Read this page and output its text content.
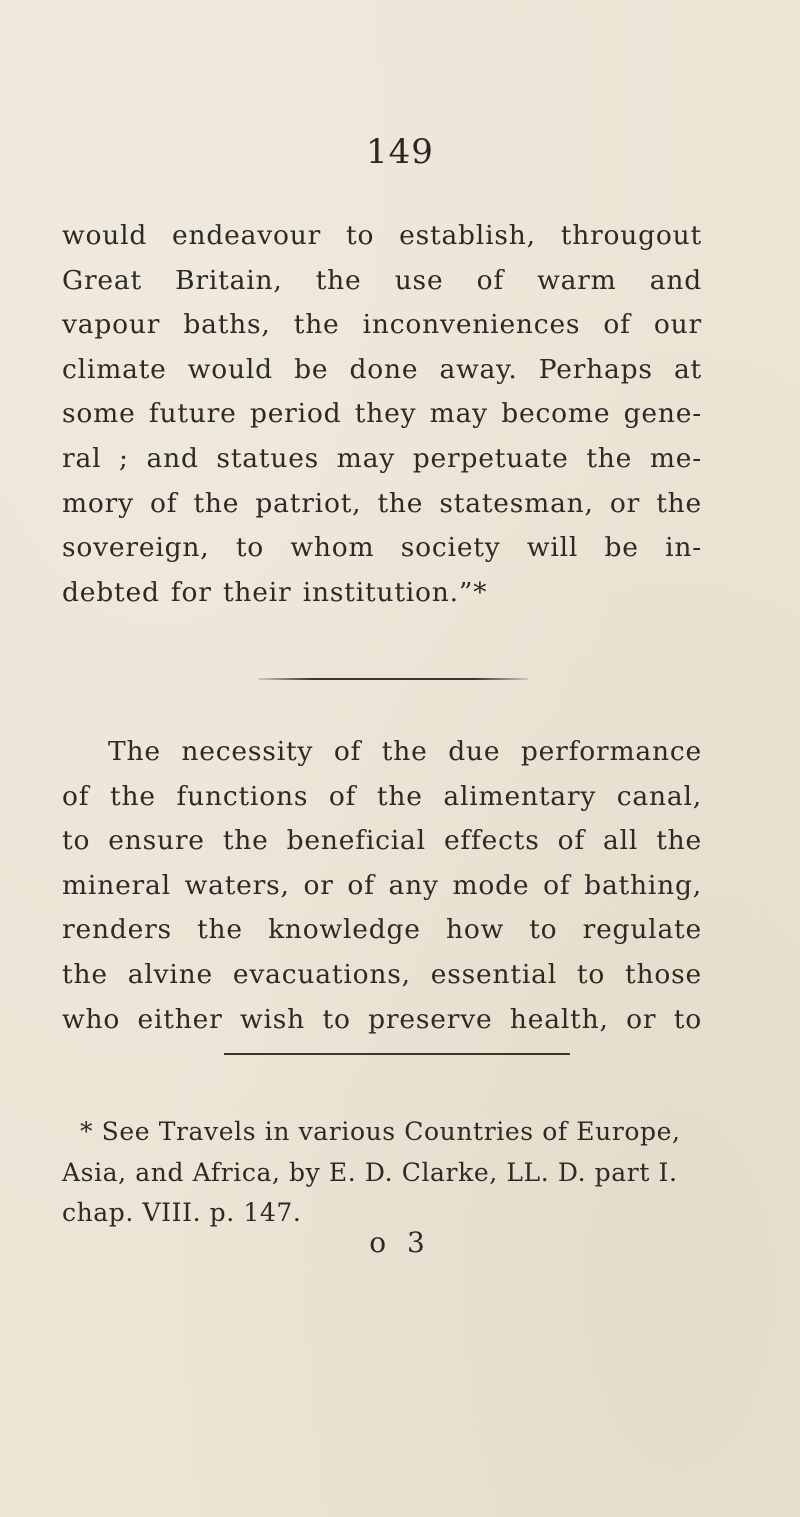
149
would endeavour to establish, througout
Great Britain, the use of warm and
vapour baths, the inconveniences of our
climate would be done away. Perhaps at
some future period they may become gene-
ral ; and statues may perpetuate the me-
mory of the patriot, the statesman, or the
sovereign, to whom society will be in-
debted for their institution.”*
The necessity of the due performance
of the functions of the alimentary canal,
to ensure the beneficial effects of all the
mineral waters, or of any mode of bathing,
renders the knowledge how to regulate
the alvine evacuations, essential to those
who either wish to preserve health, or to
* See Travels in various Countries of Europe,
Asia, and Africa, by E. D. Clarke, LL. D. part I.
chap. VIII. p. 147.
o 3
